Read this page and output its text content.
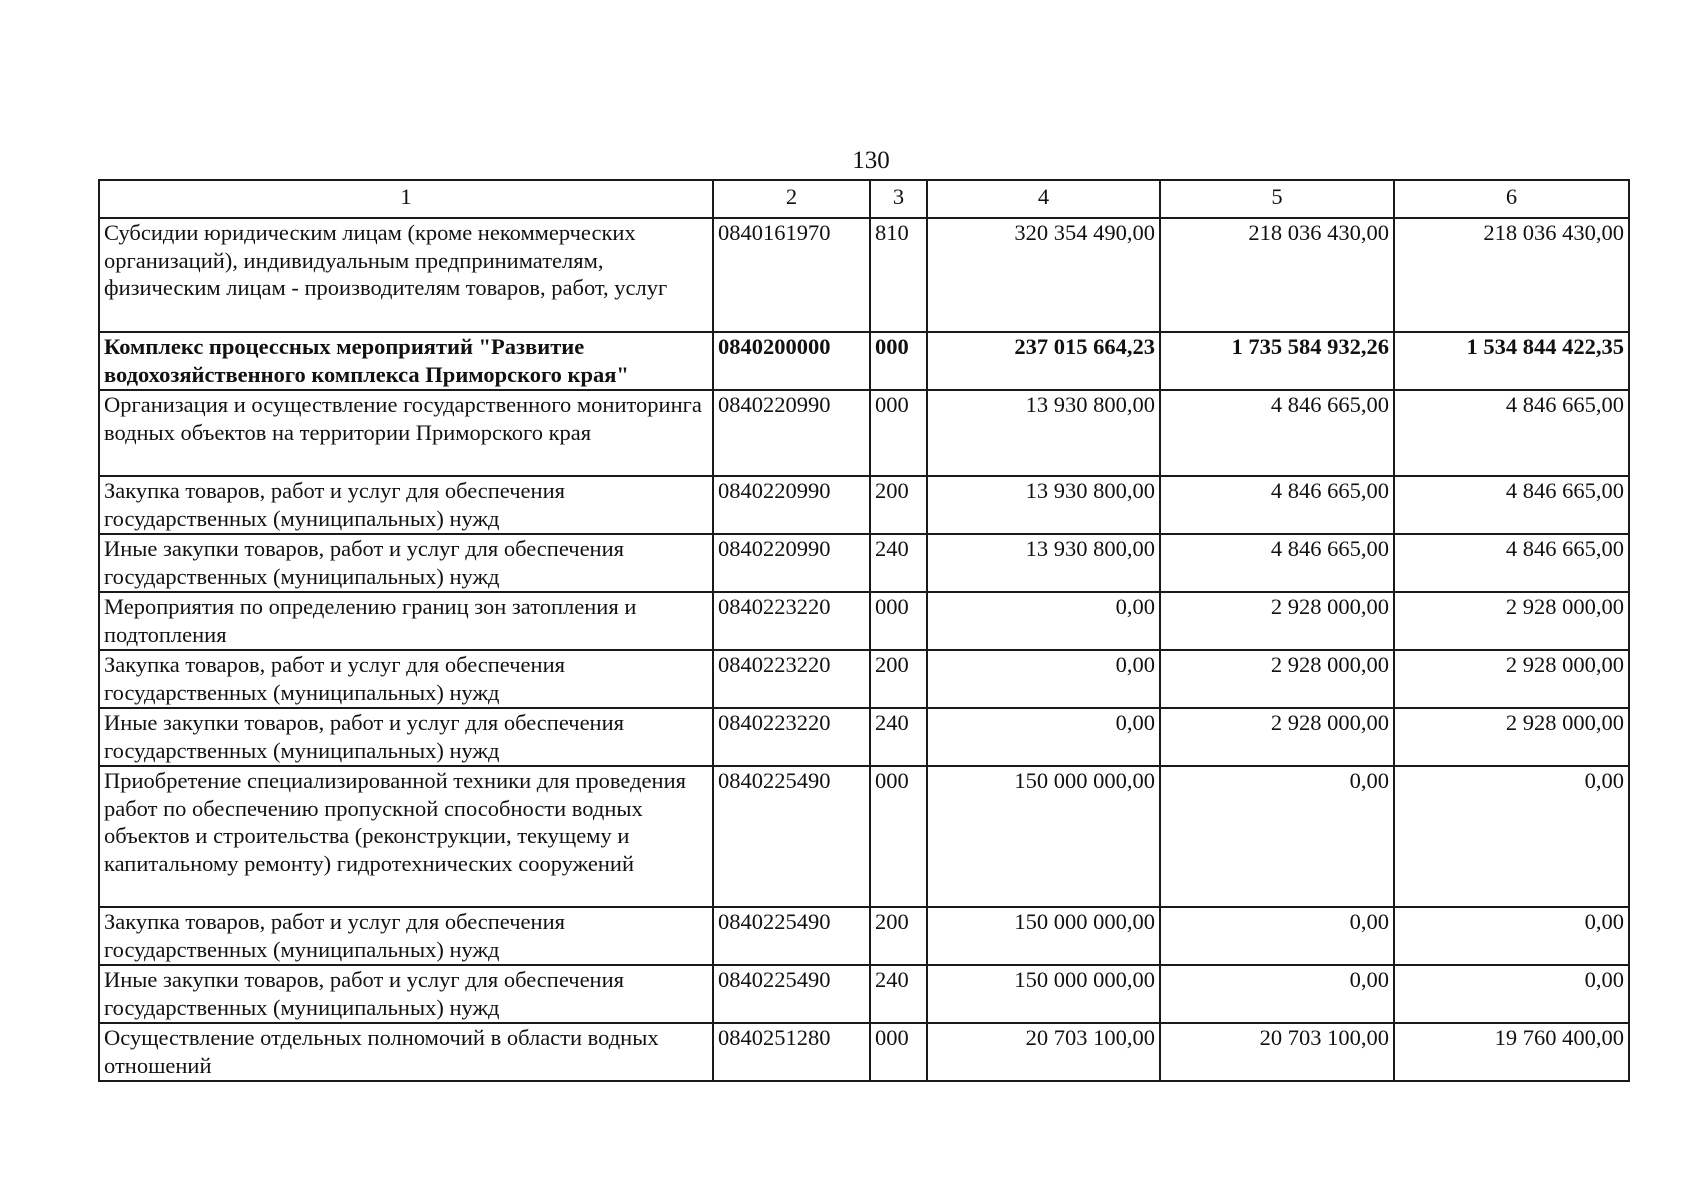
130
1	2	3	4	5	6
Субсидии юридическим лицам (кроме некоммерческих организаций), индивидуальным предпринимателям, физическим лицам - производителям товаров, работ, услуг	0840161970	810	320 354 490,00	218 036 430,00	218 036 430,00
Комплекс процессных мероприятий "Развитие водохозяйственного комплекса Приморского края"	0840200000	000	237 015 664,23	1 735 584 932,26	1 534 844 422,35
Организация и осуществление государственного мониторинга водных объектов на территории Приморского края	0840220990	000	13 930 800,00	4 846 665,00	4 846 665,00
Закупка товаров, работ и услуг для обеспечения государственных (муниципальных) нужд	0840220990	200	13 930 800,00	4 846 665,00	4 846 665,00
Иные закупки товаров, работ и услуг для обеспечения государственных (муниципальных) нужд	0840220990	240	13 930 800,00	4 846 665,00	4 846 665,00
Мероприятия по определению границ зон затопления и подтопления	0840223220	000	0,00	2 928 000,00	2 928 000,00
Закупка товаров, работ и услуг для обеспечения государственных (муниципальных) нужд	0840223220	200	0,00	2 928 000,00	2 928 000,00
Иные закупки товаров, работ и услуг для обеспечения государственных (муниципальных) нужд	0840223220	240	0,00	2 928 000,00	2 928 000,00
Приобретение специализированной техники для проведения работ по обеспечению пропускной способности водных объектов и строительства (реконструкции, текущему и капитальному ремонту) гидротехнических сооружений	0840225490	000	150 000 000,00	0,00	0,00
Закупка товаров, работ и услуг для обеспечения государственных (муниципальных) нужд	0840225490	200	150 000 000,00	0,00	0,00
Иные закупки товаров, работ и услуг для обеспечения государственных (муниципальных) нужд	0840225490	240	150 000 000,00	0,00	0,00
Осуществление отдельных полномочий в области водных отношений	0840251280	000	20 703 100,00	20 703 100,00	19 760 400,00
